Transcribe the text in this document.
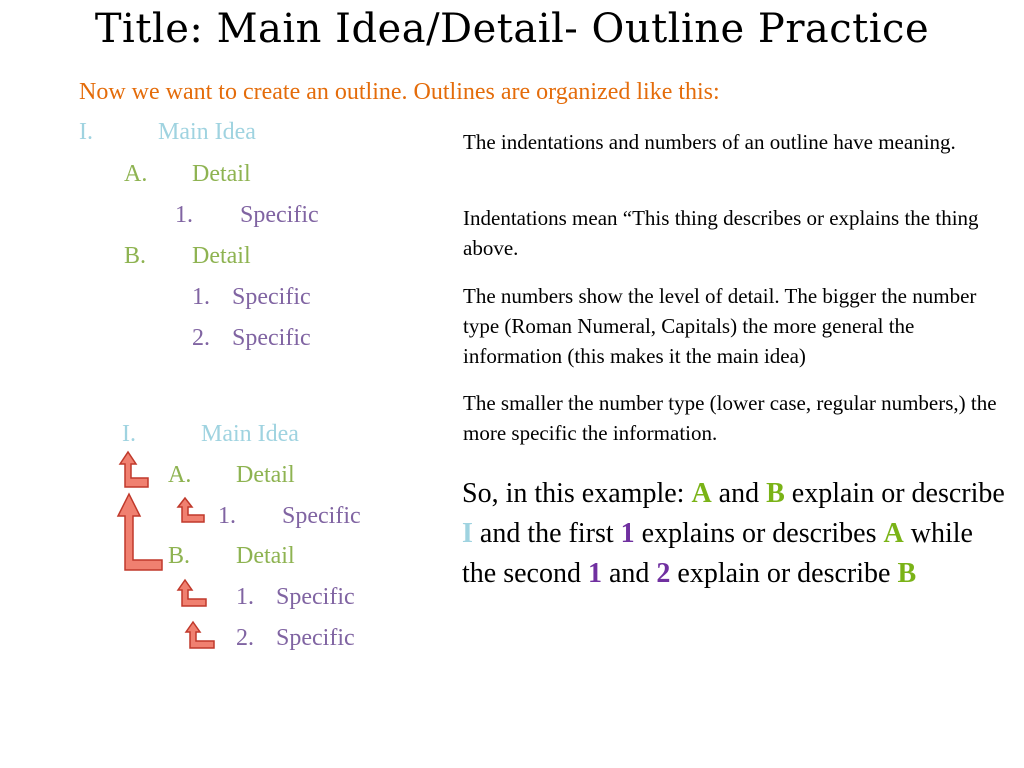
Title: Main Idea/Detail- Outline Practice
Now we want to create an outline. Outlines are organized like this:
I.	Main Idea
A. Detail
1. Specific
B. Detail
1. Specific
2. Specific
I.	Main Idea
A. Detail
1. Specific
B. Detail
1. Specific
2. Specific
The indentations and numbers of an outline have meaning.
Indentations mean “This thing describes or explains the thing above.
The numbers show the level of detail. The bigger the number type (Roman Numeral, Capitals) the more general the information (this makes it the main idea)
The smaller the number type (lower case, regular numbers,) the more specific the information.
So, in this example: A and B explain or describe I and the first 1 explains or describes A while the second 1 and 2 explain or describe B
